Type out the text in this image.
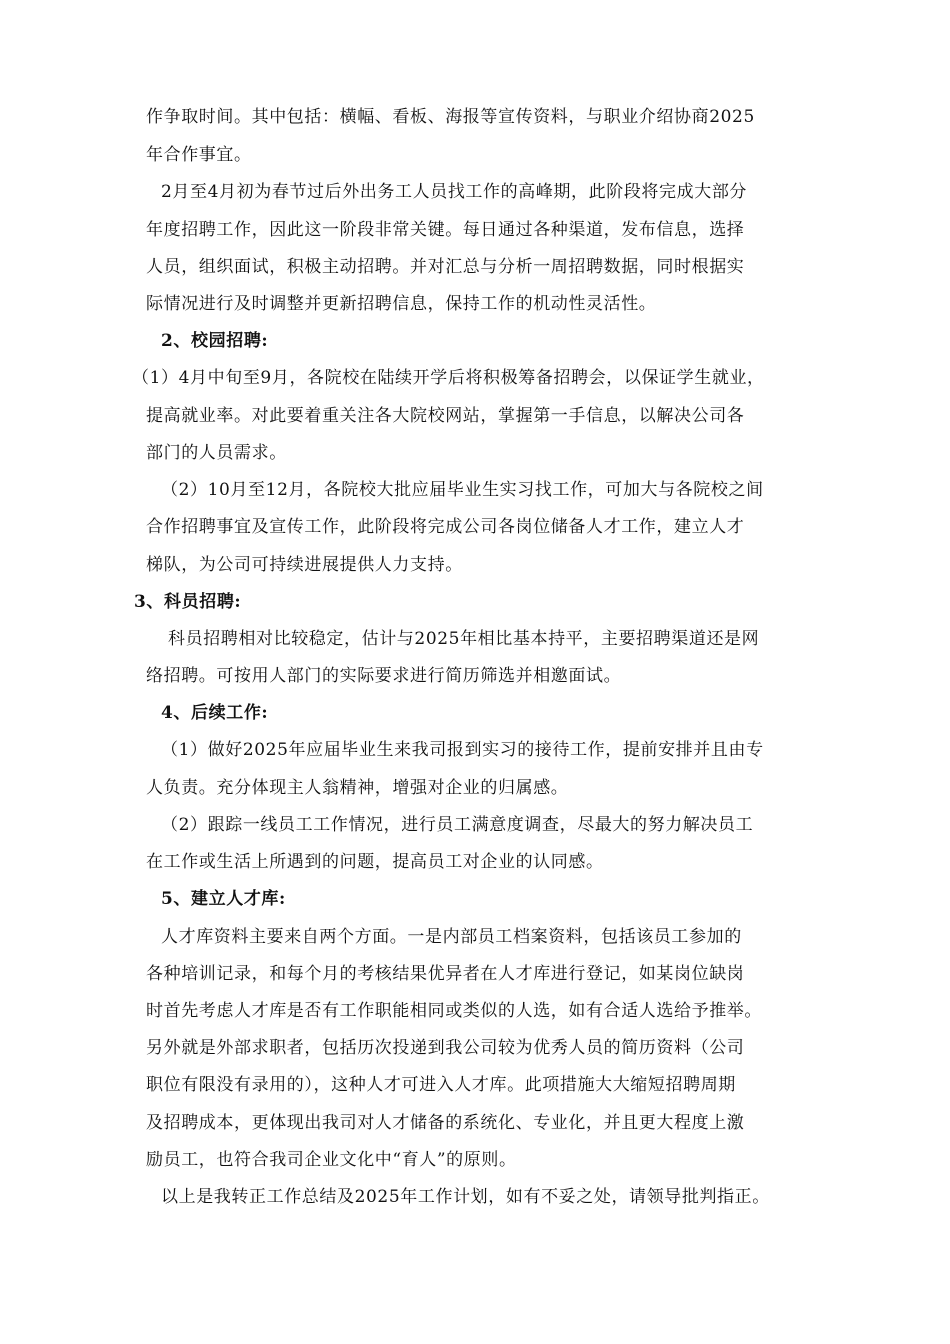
作争取时间。其中包括：横幅、看板、海报等宣传资料，与职业介绍协商2025
年合作事宜。
2月至4月初为春节过后外出务工人员找工作的高峰期，此阶段将完成大部分
年度招聘工作，因此这一阶段非常关键。每日通过各种渠道，发布信息，选择
人员，组织面试，积极主动招聘。并对汇总与分析一周招聘数据，同时根据实
际情况进行及时调整并更新招聘信息，保持工作的机动性灵活性。
2、校园招聘:
（1）4月中旬至9月，各院校在陆续开学后将积极筹备招聘会，以保证学生就业，
提高就业率。对此要着重关注各大院校网站，掌握第一手信息，以解决公司各
部门的人员需求。
（2）10月至12月，各院校大批应届毕业生实习找工作，可加大与各院校之间
合作招聘事宜及宣传工作，此阶段将完成公司各岗位储备人才工作，建立人才
梯队，为公司可持续进展提供人力支持。
3、科员招聘:
科员招聘相对比较稳定，估计与2025年相比基本持平，主要招聘渠道还是网
络招聘。可按用人部门的实际要求进行简历筛选并相邀面试。
4、后续工作:
（1）做好2025年应届毕业生来我司报到实习的接待工作，提前安排并且由专
人负责。充分体现主人翁精神，增强对企业的归属感。
（2）跟踪一线员工工作情况，进行员工满意度调查，尽最大的努力解决员工
在工作或生活上所遇到的问题，提高员工对企业的认同感。
5、建立人才库:
人才库资料主要来自两个方面。一是内部员工档案资料，包括该员工参加的
各种培训记录，和每个月的考核结果优异者在人才库进行登记，如某岗位缺岗
时首先考虑人才库是否有工作职能相同或类似的人选，如有合适人选给予推举。
另外就是外部求职者，包括历次投递到我公司较为优秀人员的简历资料（公司
职位有限没有录用的），这种人才可进入人才库。此项措施大大缩短招聘周期
及招聘成本，更体现出我司对人才储备的系统化、专业化，并且更大程度上激
励员工，也符合我司企业文化中“育人”的原则。
以上是我转正工作总结及2025年工作计划，如有不妥之处，请领导批判指正。
